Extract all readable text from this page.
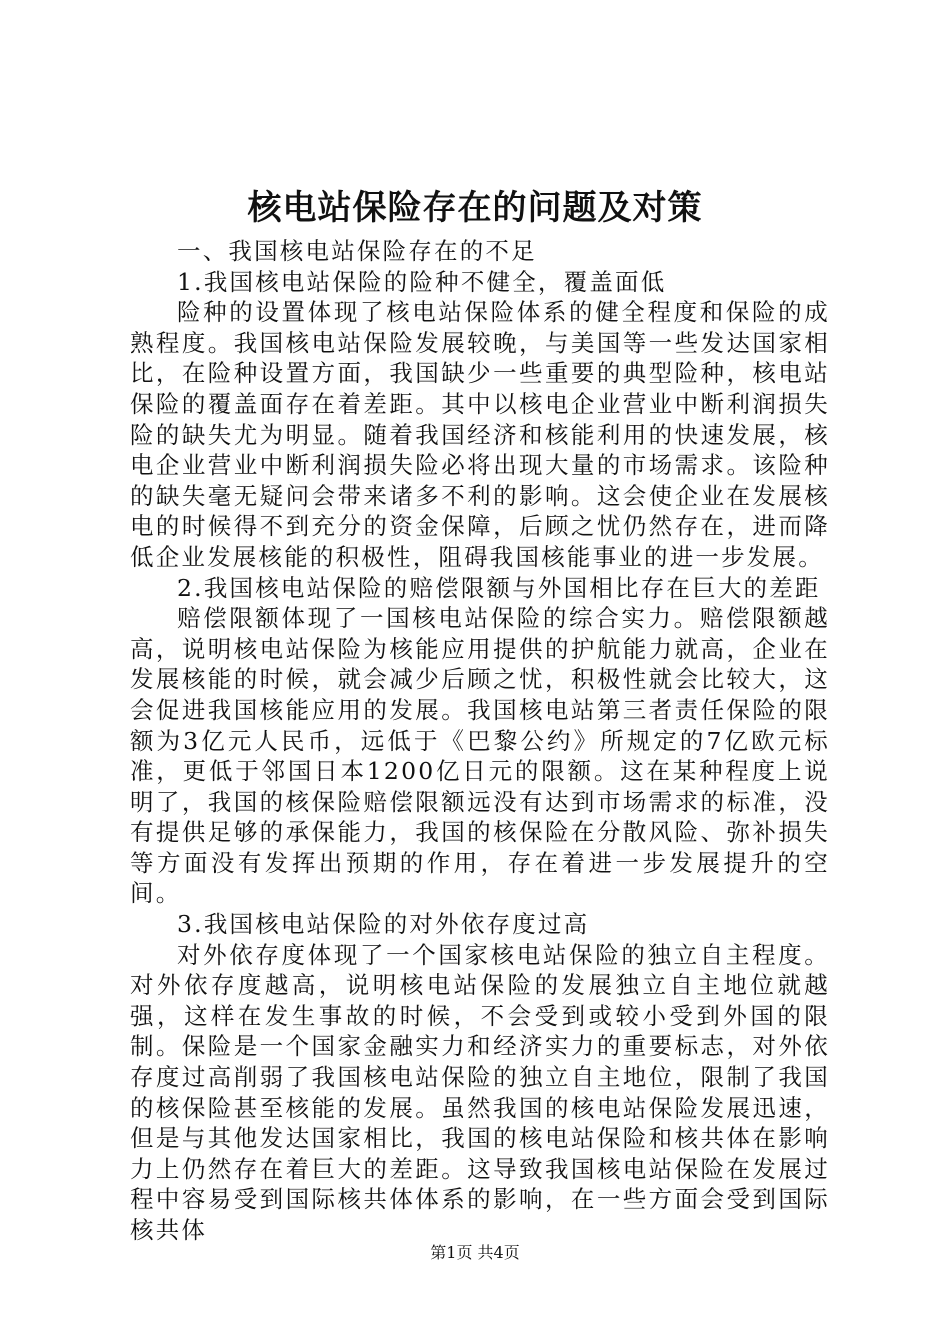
核电站保险存在的问题及对策

一、我国核电站保险存在的不足

1.我国核电站保险的险种不健全，覆盖面低

险种的设置体现了核电站保险体系的健全程度和保险的成熟程度。我国核电站保险发展较晚，与美国等一些发达国家相比，在险种设置方面，我国缺少一些重要的典型险种，核电站保险的覆盖面存在着差距。其中以核电企业营业中断利润损失险的缺失尤为明显。随着我国经济和核能利用的快速发展，核电企业营业中断利润损失险必将出现大量的市场需求。该险种的缺失毫无疑问会带来诸多不利的影响。这会使企业在发展核电的时候得不到充分的资金保障，后顾之忧仍然存在，进而降低企业发展核能的积极性，阻碍我国核能事业的进一步发展。

2.我国核电站保险的赔偿限额与外国相比存在巨大的差距

赔偿限额体现了一国核电站保险的综合实力。赔偿限额越高，说明核电站保险为核能应用提供的护航能力就高，企业在发展核能的时候，就会减少后顾之忧，积极性就会比较大，这会促进我国核能应用的发展。我国核电站第三者责任保险的限额为3亿元人民币，远低于《巴黎公约》所规定的7亿欧元标准，更低于邻国日本1200亿日元的限额。这在某种程度上说明了，我国的核保险赔偿限额远没有达到市场需求的标准，没有提供足够的承保能力，我国的核保险在分散风险、弥补损失等方面没有发挥出预期的作用，存在着进一步发展提升的空间。

3.我国核电站保险的对外依存度过高

对外依存度体现了一个国家核电站保险的独立自主程度。对外依存度越高，说明核电站保险的发展独立自主地位就越强，这样在发生事故的时候，不会受到或较小受到外国的限制。保险是一个国家金融实力和经济实力的重要标志，对外依存度过高削弱了我国核电站保险的独立自主地位，限制了我国的核保险甚至核能的发展。虽然我国的核电站保险发展迅速，但是与其他发达国家相比，我国的核电站保险和核共体在影响力上仍然存在着巨大的差距。这导致我国核电站保险在发展过程中容易受到国际核共体体系的影响，在一些方面会受到国际核共体

第1页 共4页
